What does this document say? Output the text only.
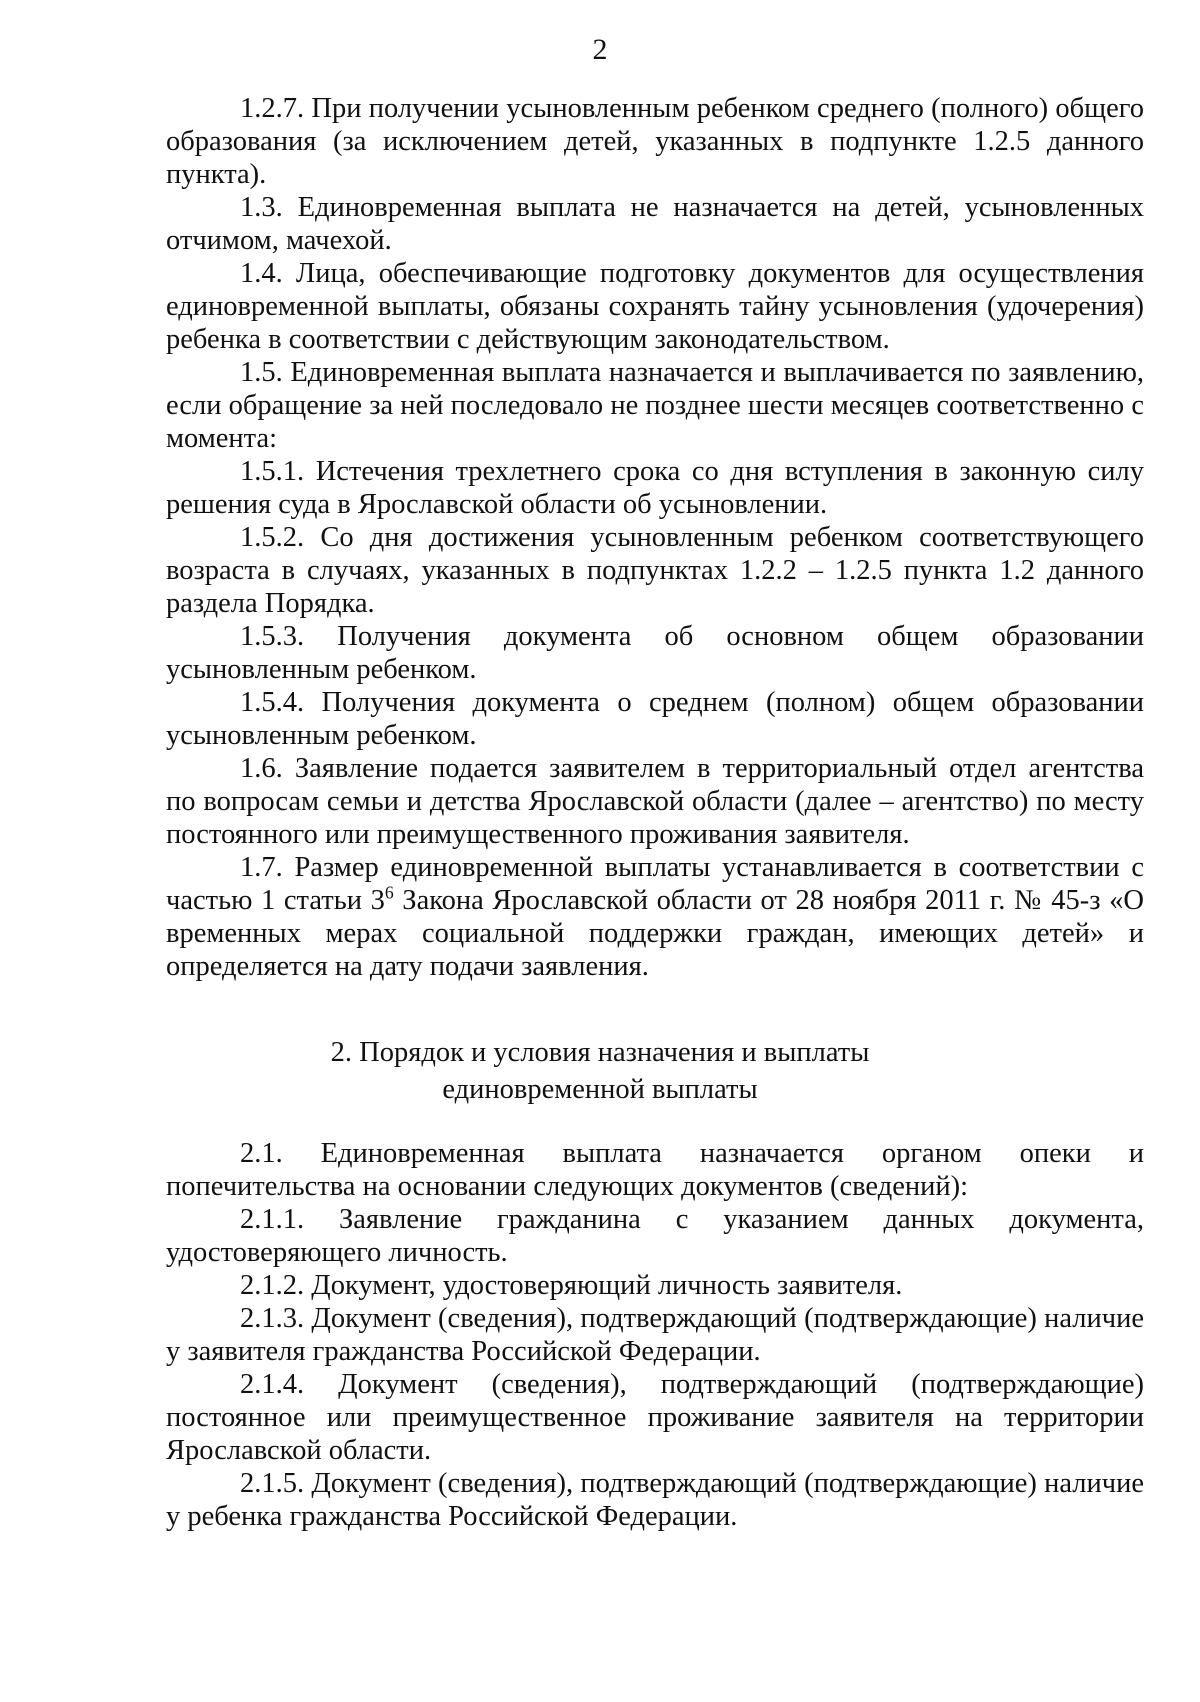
2

1.2.7. При получении усыновленным ребенком среднего (полного) общего образования (за исключением детей, указанных в подпункте 1.2.5 данного пункта).

1.3. Единовременная выплата не назначается на детей, усыновленных отчимом, мачехой.

1.4. Лица, обеспечивающие подготовку документов для осуществления единовременной выплаты, обязаны сохранять тайну усыновления (удочерения) ребенка в соответствии с действующим законодательством.

1.5. Единовременная выплата назначается и выплачивается по заявлению, если обращение за ней последовало не позднее шести месяцев соответственно с момента:

1.5.1. Истечения трехлетнего срока со дня вступления в законную силу решения суда в Ярославской области об усыновлении.

1.5.2. Со дня достижения усыновленным ребенком соответствующего возраста в случаях, указанных в подпунктах 1.2.2 – 1.2.5 пункта 1.2 данного раздела Порядка.

1.5.3. Получения документа об основном общем образовании усыновленным ребенком.

1.5.4. Получения документа о среднем (полном) общем образовании усыновленным ребенком.

1.6. Заявление подается заявителем в территориальный отдел агентства по вопросам семьи и детства Ярославской области (далее – агентство) по месту постоянного или преимущественного проживания заявителя.

1.7. Размер единовременной выплаты устанавливается в соответствии с частью 1 статьи $3^6$ Закона Ярославской области от 28 ноября 2011 г. № 45-з «О временных мерах социальной поддержки граждан, имеющих детей» и определяется на дату подачи заявления.

2. Порядок и условия назначения и выплаты
единовременной выплаты

2.1. Единовременная выплата назначается органом опеки и попечительства на основании следующих документов (сведений):

2.1.1. Заявление гражданина с указанием данных документа, удостоверяющего личность.

2.1.2. Документ, удостоверяющий личность заявителя.

2.1.3. Документ (сведения), подтверждающий (подтверждающие) наличие у заявителя гражданства Российской Федерации.

2.1.4. Документ (сведения), подтверждающий (подтверждающие) постоянное или преимущественное проживание заявителя на территории Ярославской области.

2.1.5. Документ (сведения), подтверждающий (подтверждающие) наличие у ребенка гражданства Российской Федерации.
